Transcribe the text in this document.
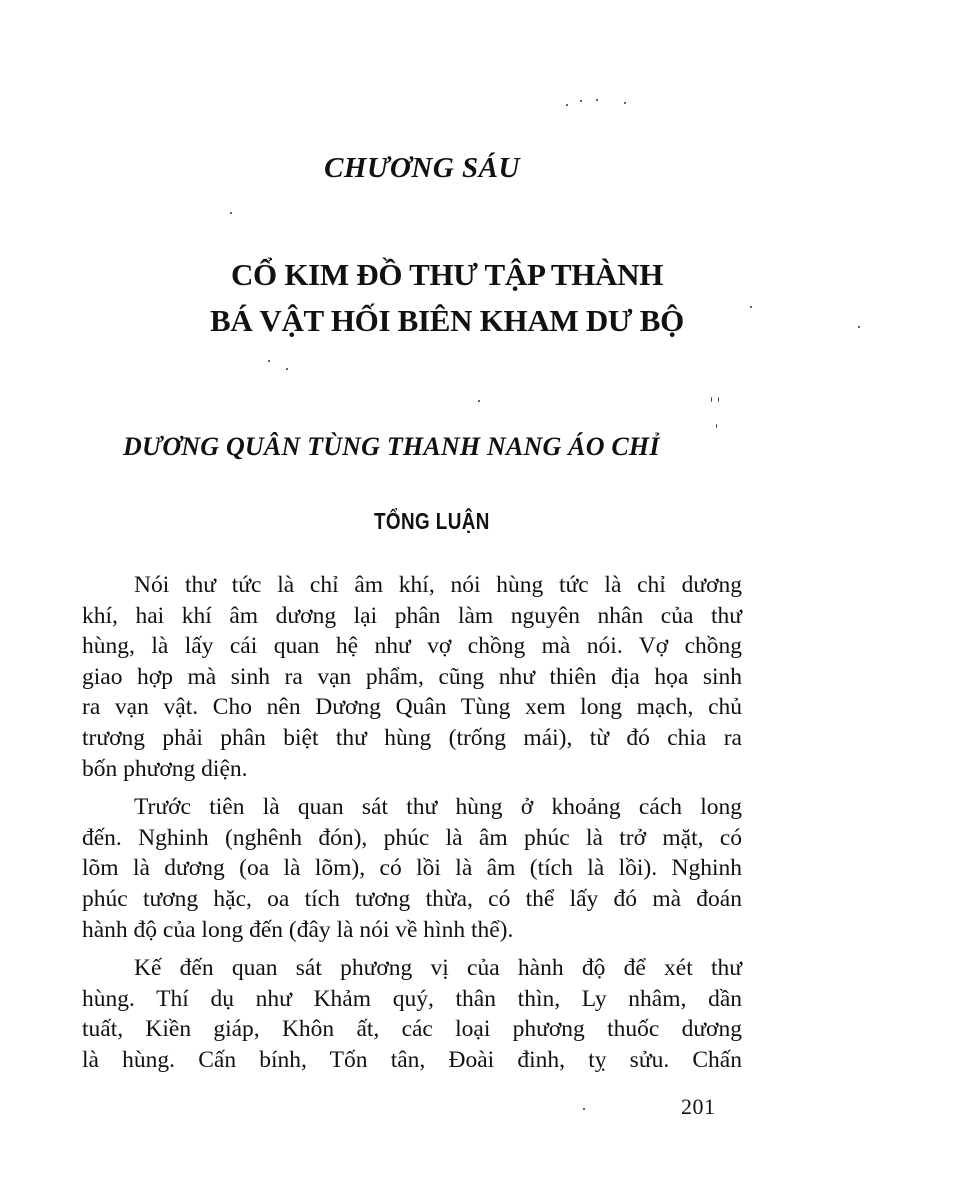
CHƯƠNG SÁU
CỔ KIM ĐỒ THƯ TẬP THÀNH
BÁ VẬT HỐI BIÊN KHAM DƯ BỘ
DƯƠNG QUÂN TÙNG THANH NANG ÁO CHỈ
TỔNG LUẬN
Nói thư tức là chỉ âm khí, nói hùng tức là chỉ dương
khí, hai khí âm dương lại phân làm nguyên nhân của thư
hùng, là lấy cái quan hệ như vợ chồng mà nói. Vợ chồng
giao hợp mà sinh ra vạn phẩm, cũng như thiên địa họa sinh
ra vạn vật. Cho nên Dương Quân Tùng xem long mạch, chủ
trương phải phân biệt thư hùng (trống mái), từ đó chia ra
bốn phương diện.
Trước tiên là quan sát thư hùng ở khoảng cách long
đến. Nghinh (nghênh đón), phúc là âm phúc là trở mặt, có
lõm là dương (oa là lõm), có lồi là âm (tích là lồi). Nghinh
phúc tương hặc, oa tích tương thừa, có thể lấy đó mà đoán
hành độ của long đến (đây là nói về hình thể).
Kế đến quan sát phương vị của hành độ để xét thư
hùng. Thí dụ như Khảm quý, thân thìn, Ly nhâm, dần
tuất, Kiền giáp, Khôn ất, các loại phương thuốc dương
là hùng. Cấn bính, Tốn tân, Đoài đinh, tỵ sửu. Chấn
201
